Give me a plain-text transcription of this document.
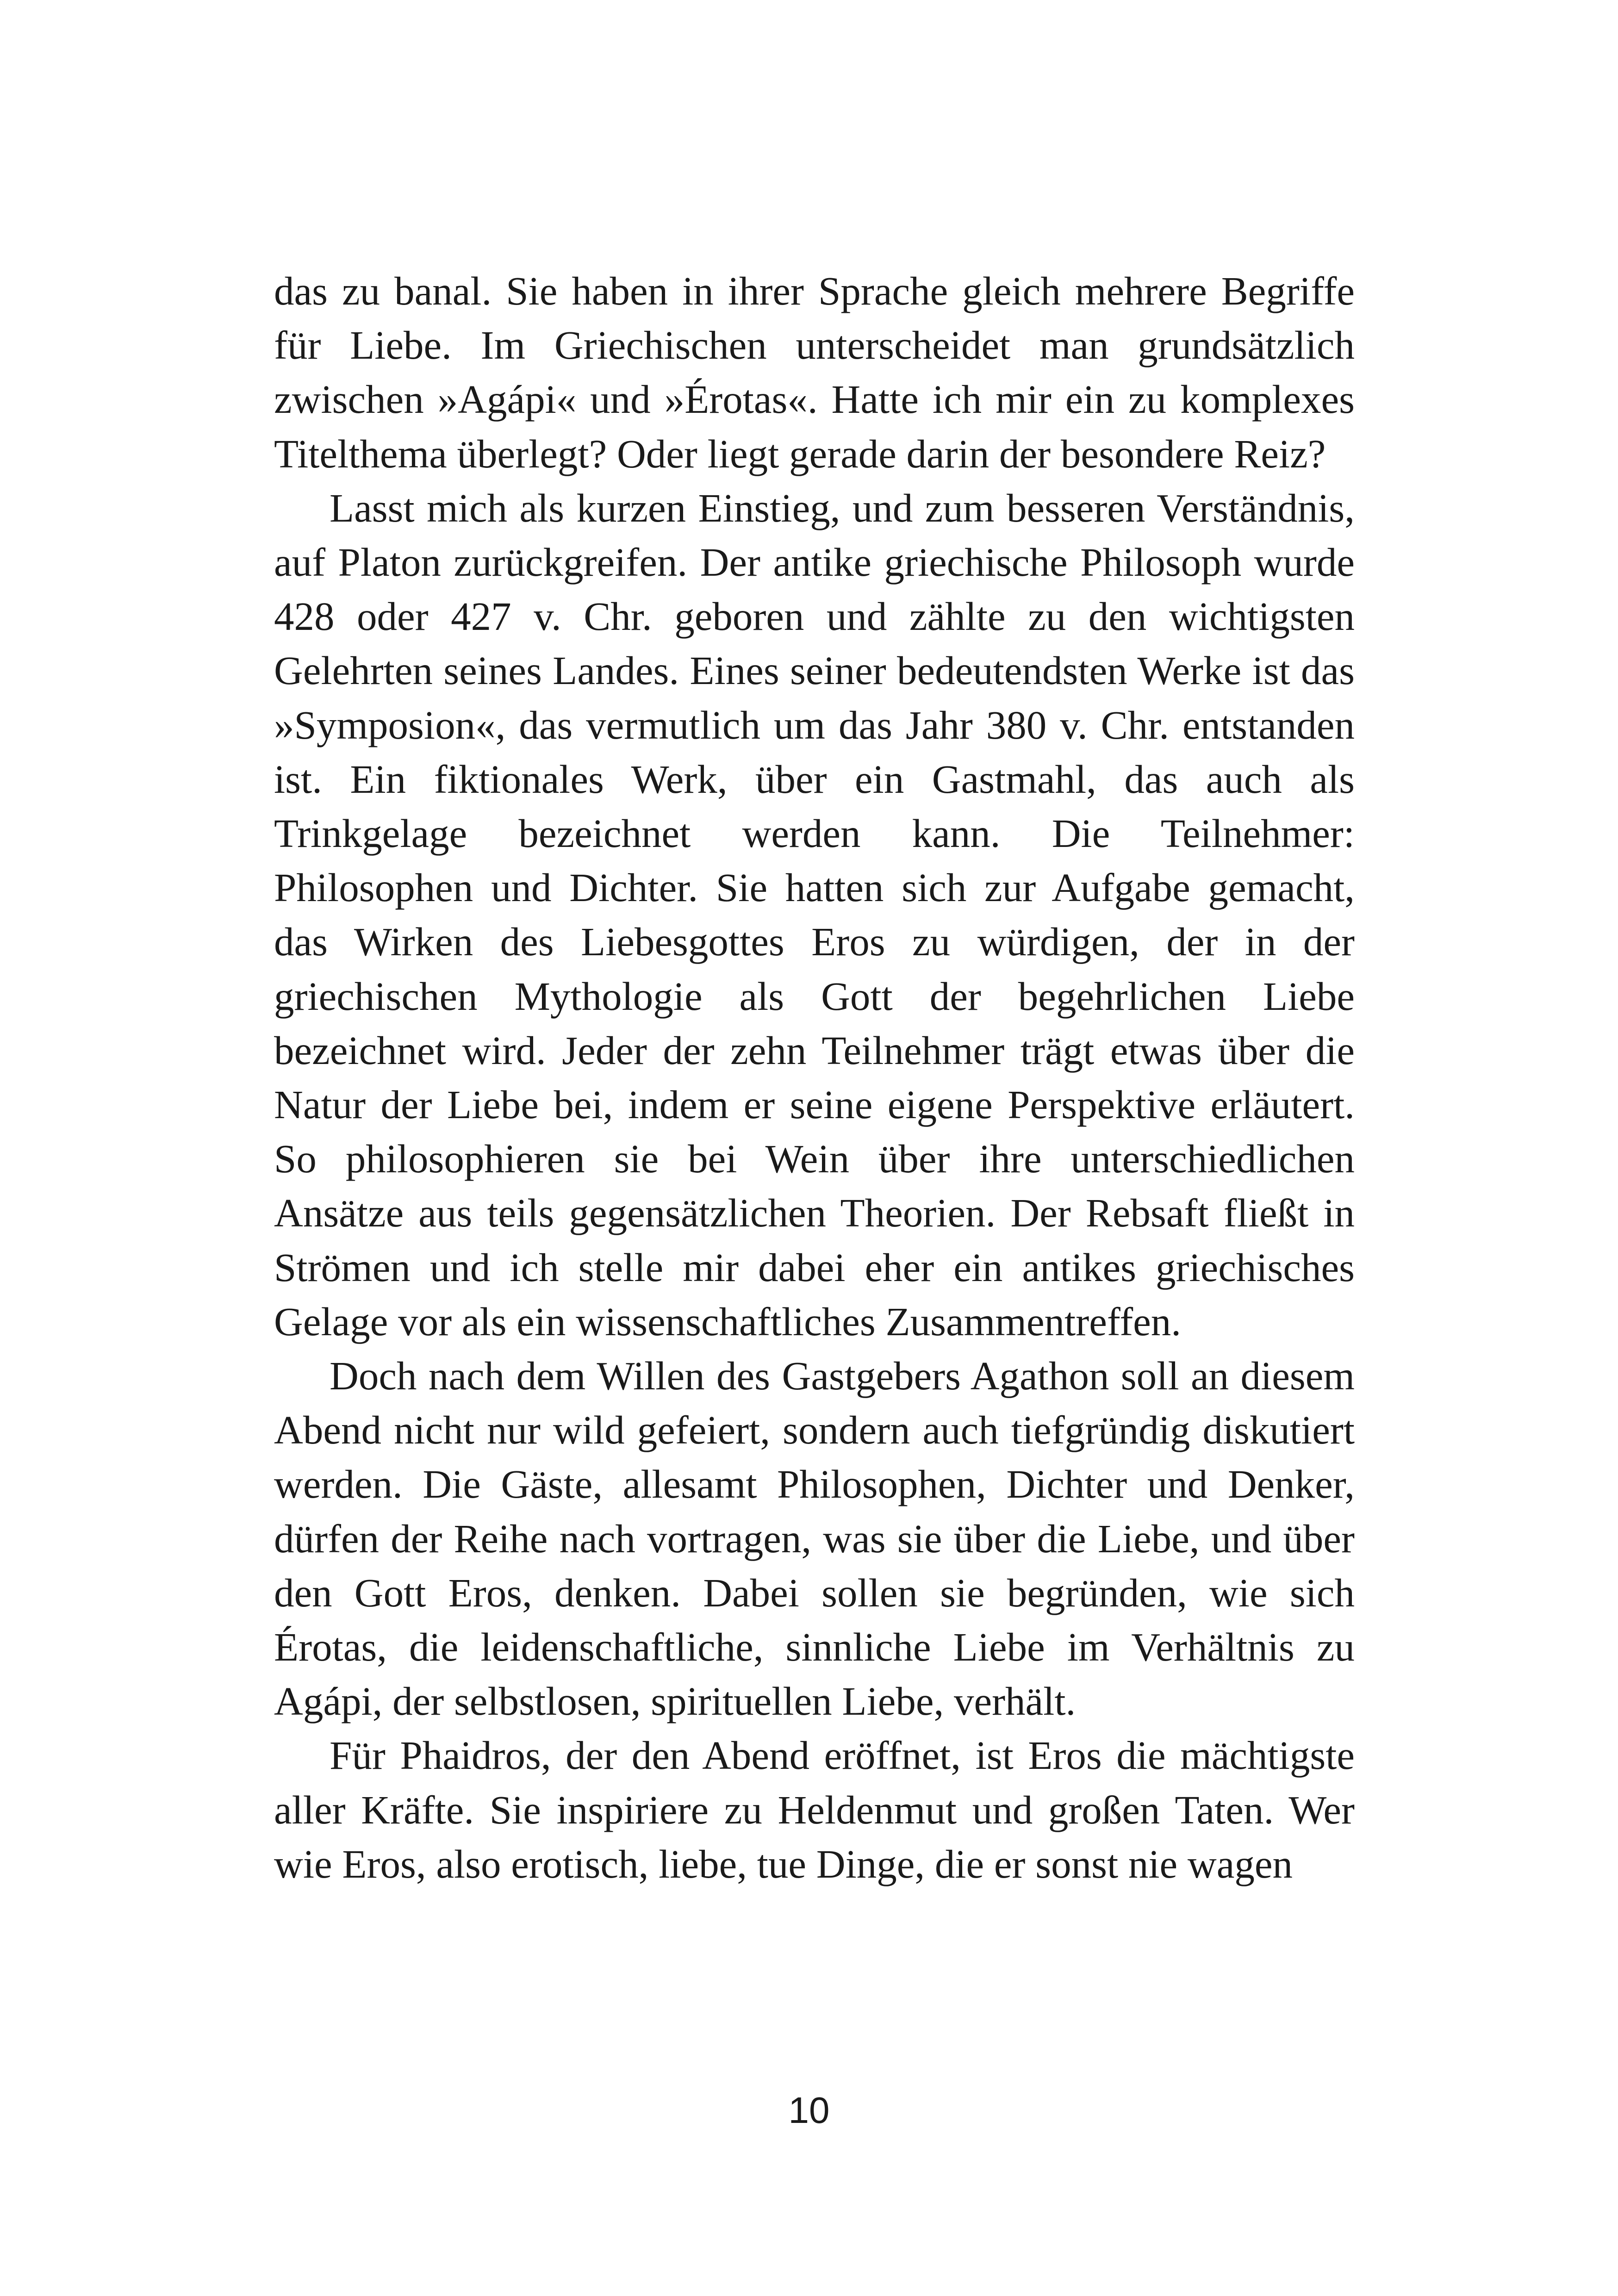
das zu banal. Sie haben in ihrer Sprache gleich mehrere Begriffe für Liebe. Im Griechischen unterscheidet man grundsätzlich zwischen »Agápi« und »Érotas«. Hatte ich mir ein zu komplexes Titelthema überlegt? Oder liegt gerade darin der besondere Reiz?

Lasst mich als kurzen Einstieg, und zum besseren Verständnis, auf Platon zurückgreifen. Der antike griechische Philosoph wurde 428 oder 427 v. Chr. geboren und zählte zu den wichtigsten Gelehrten seines Landes. Eines seiner bedeutendsten Werke ist das »Symposion«, das vermutlich um das Jahr 380 v. Chr. entstanden ist. Ein fiktionales Werk, über ein Gastmahl, das auch als Trinkgelage bezeichnet werden kann. Die Teilnehmer: Philosophen und Dichter. Sie hatten sich zur Aufgabe gemacht, das Wirken des Liebesgottes Eros zu würdigen, der in der griechischen Mythologie als Gott der begehrlichen Liebe bezeichnet wird. Jeder der zehn Teilnehmer trägt etwas über die Natur der Liebe bei, indem er seine eigene Perspektive erläutert. So philosophieren sie bei Wein über ihre unterschiedlichen Ansätze aus teils gegensätzlichen Theorien. Der Rebsaft fließt in Strömen und ich stelle mir dabei eher ein antikes griechisches Gelage vor als ein wissenschaftliches Zusammentreffen.

Doch nach dem Willen des Gastgebers Agathon soll an diesem Abend nicht nur wild gefeiert, sondern auch tiefgründig diskutiert werden. Die Gäste, allesamt Philosophen, Dichter und Denker, dürfen der Reihe nach vortragen, was sie über die Liebe, und über den Gott Eros, denken. Dabei sollen sie begründen, wie sich Érotas, die leidenschaftliche, sinnliche Liebe im Verhältnis zu Agápi, der selbstlosen, spirituellen Liebe, verhält.

Für Phaidros, der den Abend eröffnet, ist Eros die mächtigste aller Kräfte. Sie inspiriere zu Heldenmut und großen Taten. Wer wie Eros, also erotisch, liebe, tue Dinge, die er sonst nie wagen

10
